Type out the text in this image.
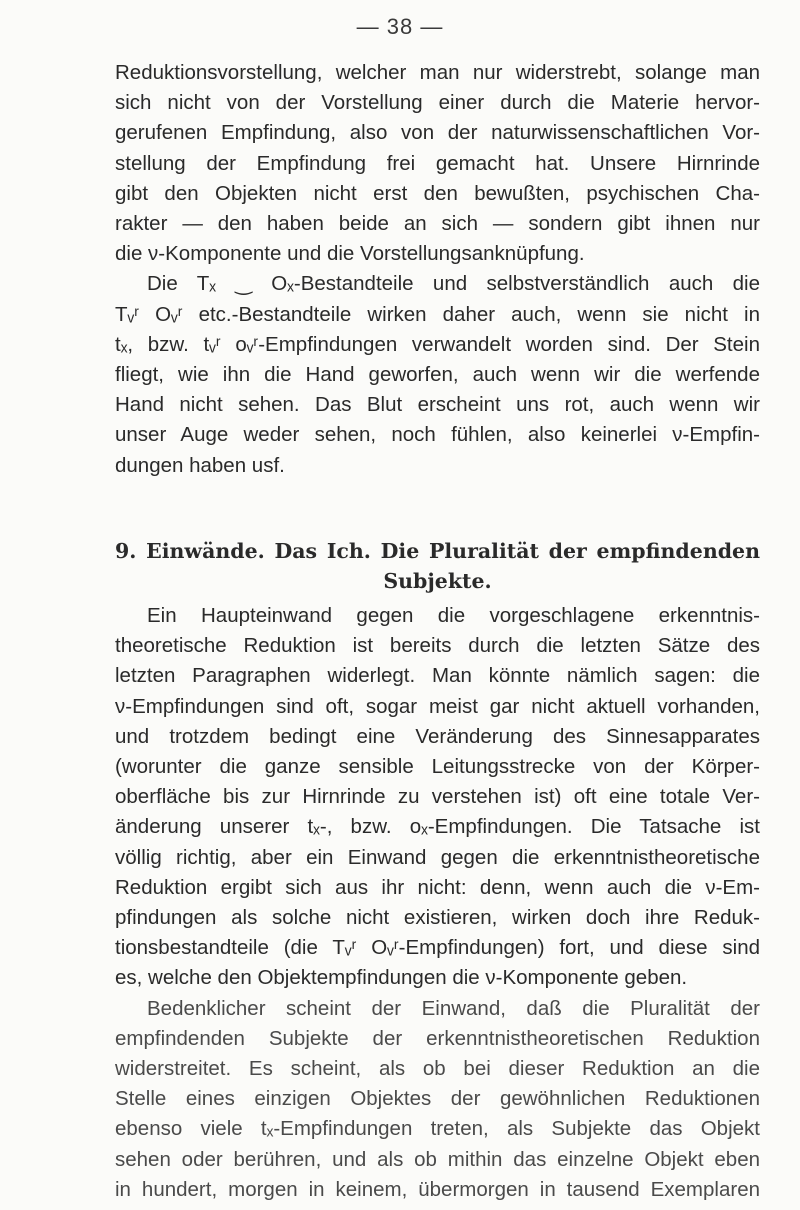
— 38 —
Reduktionsvorstellung, welcher man nur widerstrebt, solange man
sich nicht von der Vorstellung einer durch die Materie hervor-
gerufenen Empfindung, also von der naturwissenschaftlichen Vor-
stellung der Empfindung frei gemacht hat. Unsere Hirnrinde
gibt den Objekten nicht erst den bewußten, psychischen Cha-
rakter — den haben beide an sich — sondern gibt ihnen nur
die ν-Komponente und die Vorstellungsanknüpfung.
Die Tₓ ‿ Oₓ-Bestandteile und selbstverständlich auch die
Tᵥʳ Oᵥʳ etc.-Bestandteile wirken daher auch, wenn sie nicht in
tₓ, bzw. tᵥʳ oᵥʳ-Empfindungen verwandelt worden sind. Der Stein
fliegt, wie ihn die Hand geworfen, auch wenn wir die werfende
Hand nicht sehen. Das Blut erscheint uns rot, auch wenn wir
unser Auge weder sehen, noch fühlen, also keinerlei ν-Empfin-
dungen haben usf.
9. Einwände. Das Ich. Die Pluralität der empfindenden
Subjekte.
Ein Haupteinwand gegen die vorgeschlagene erkenntnis-
theoretische Reduktion ist bereits durch die letzten Sätze des
letzten Paragraphen widerlegt. Man könnte nämlich sagen: die
ν-Empfindungen sind oft, sogar meist gar nicht aktuell vorhanden,
und trotzdem bedingt eine Veränderung des Sinnesapparates
(worunter die ganze sensible Leitungsstrecke von der Körper-
oberfläche bis zur Hirnrinde zu verstehen ist) oft eine totale Ver-
änderung unserer tₓ-, bzw. oₓ-Empfindungen. Die Tatsache ist
völlig richtig, aber ein Einwand gegen die erkenntnistheoretische
Reduktion ergibt sich aus ihr nicht: denn, wenn auch die ν-Em-
pfindungen als solche nicht existieren, wirken doch ihre Reduk-
tionsbestandteile (die Tᵥʳ Oᵥʳ-Empfindungen) fort, und diese sind
es, welche den Objektempfindungen die ν-Komponente geben.
Bedenklicher scheint der Einwand, daß die Pluralität der
empfindenden Subjekte der erkenntnistheoretischen Reduktion
widerstreitet. Es scheint, als ob bei dieser Reduktion an die
Stelle eines einzigen Objektes der gewöhnlichen Reduktionen
ebenso viele tₓ-Empfindungen treten, als Subjekte das Objekt
sehen oder berühren, und als ob mithin das einzelne Objekt eben
in hundert, morgen in keinem, übermorgen in tausend Exemplaren
